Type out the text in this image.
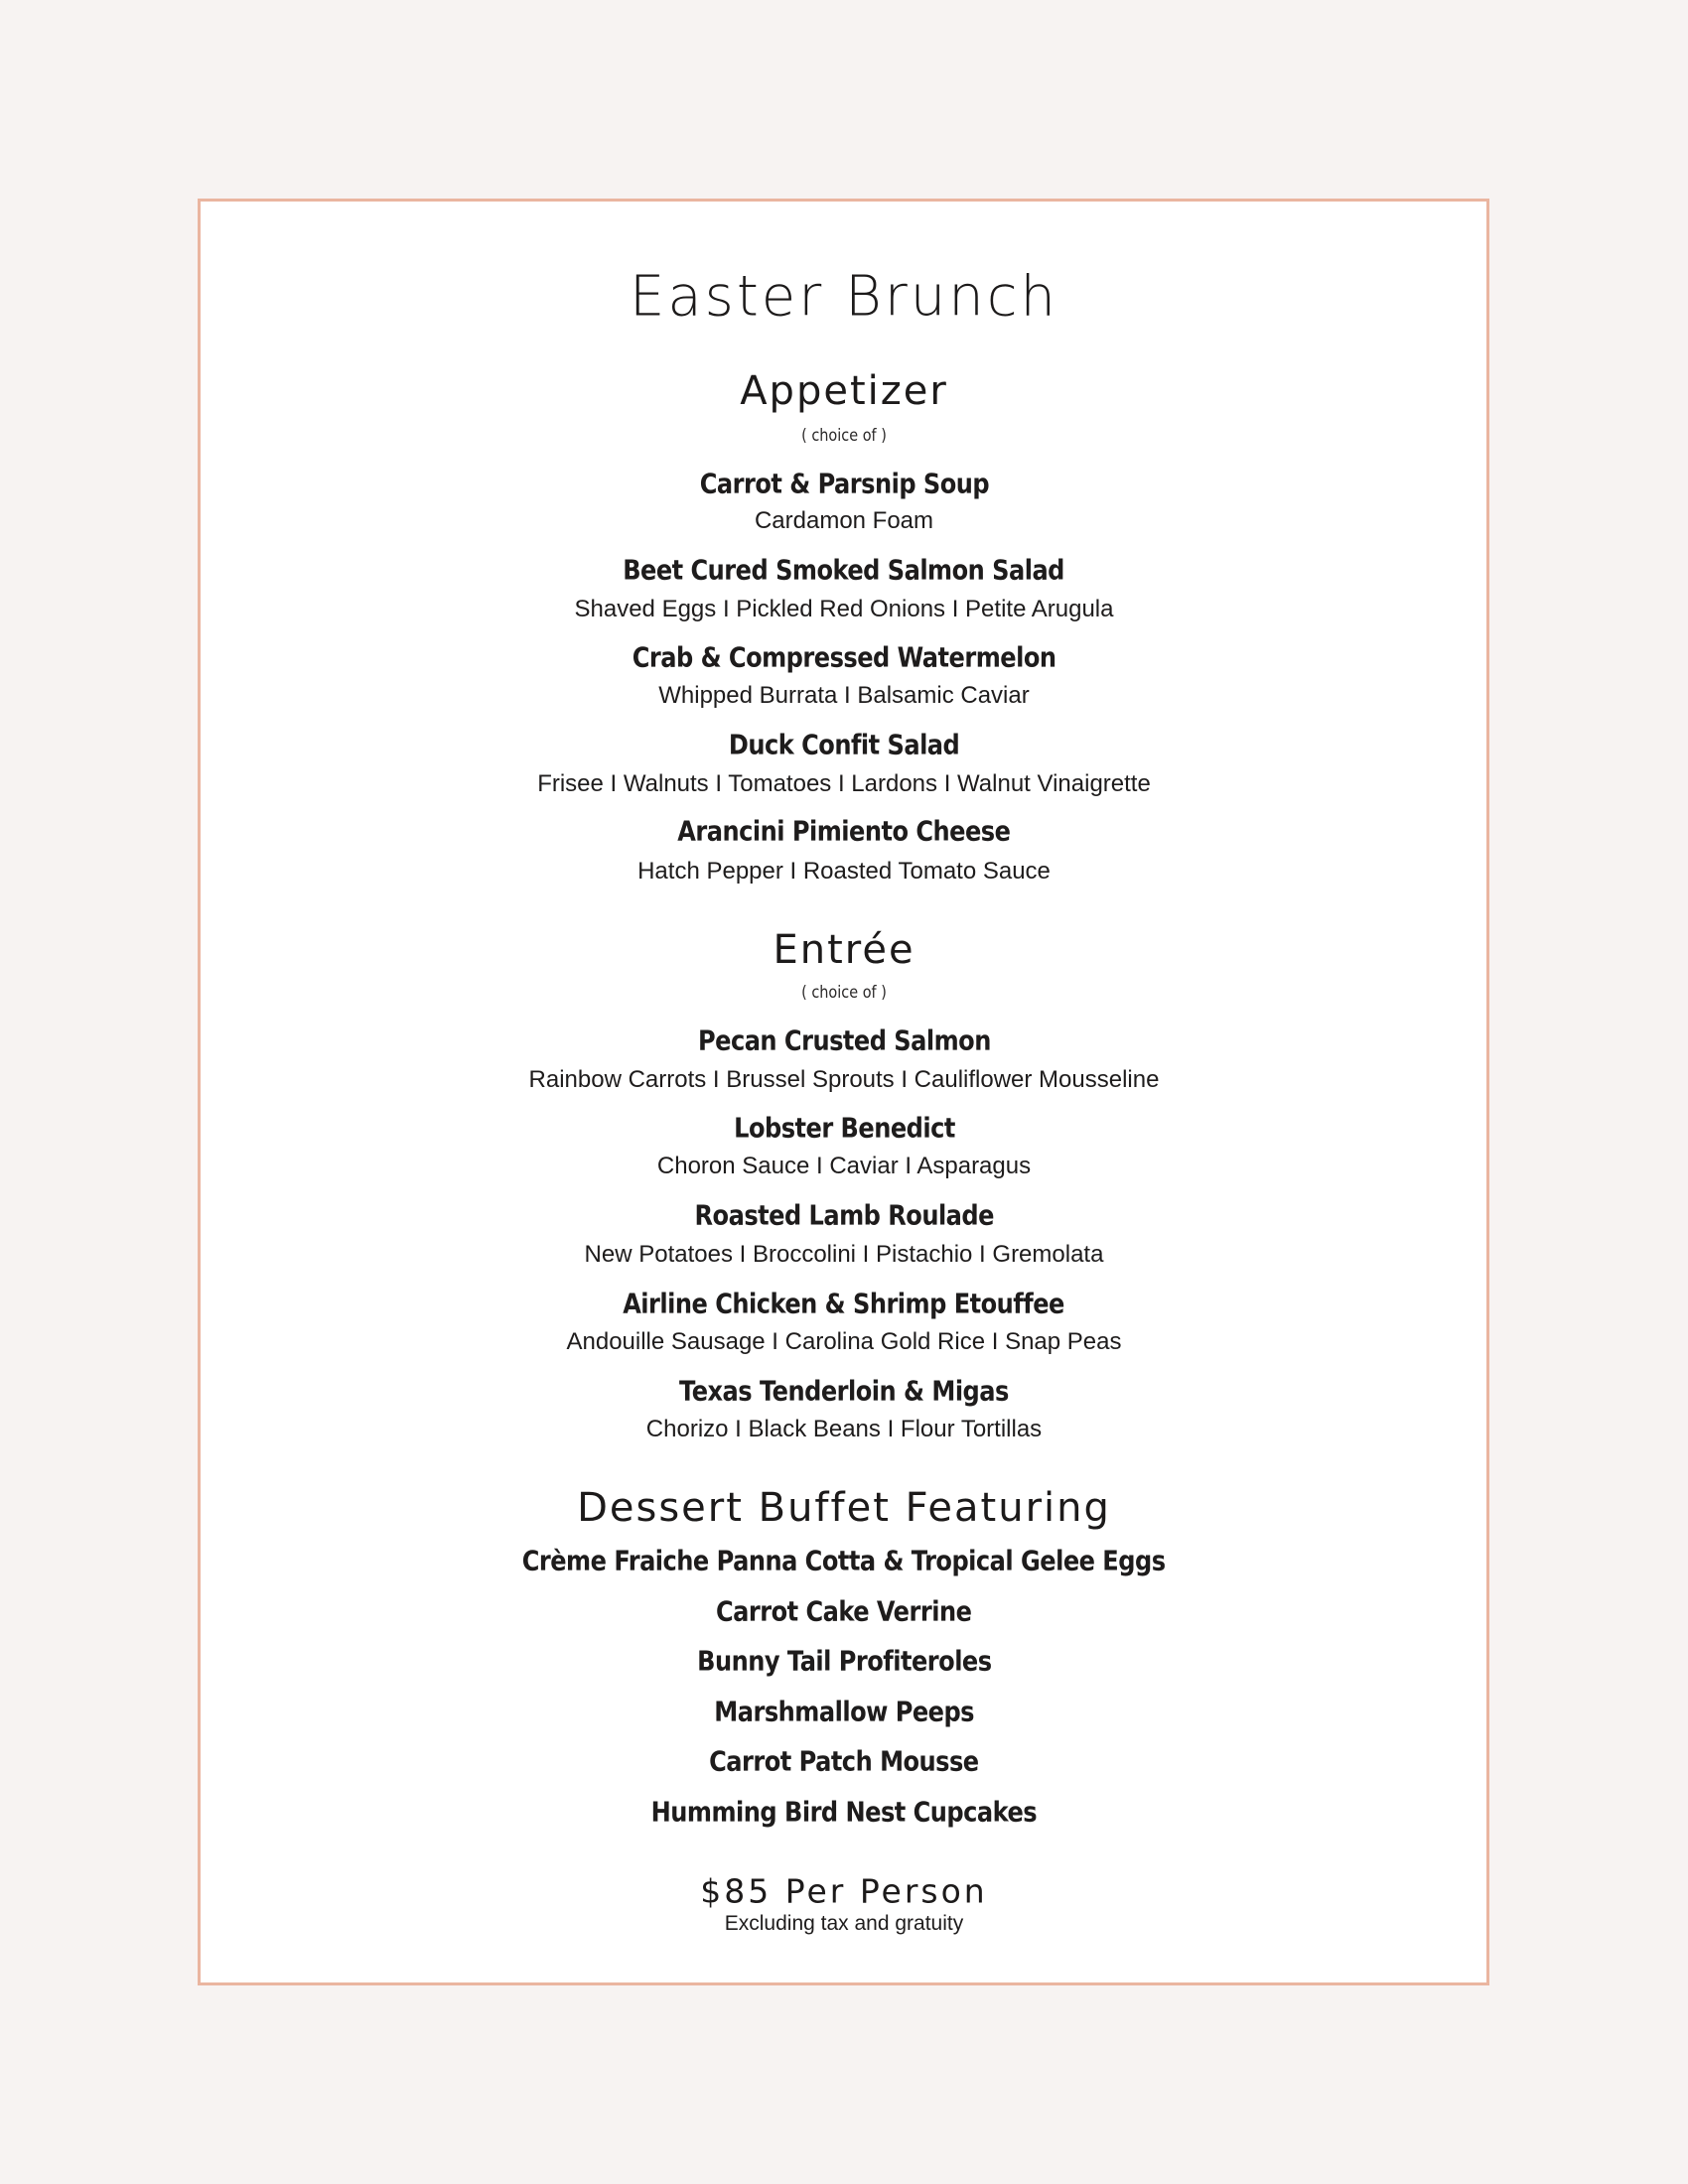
Easter Brunch
Appetizer
( choice of )
Carrot & Parsnip Soup
Cardamon Foam
Beet Cured Smoked Salmon Salad
Shaved Eggs I Pickled Red Onions I Petite Arugula
Crab & Compressed Watermelon
Whipped Burrata I Balsamic Caviar
Duck Confit Salad
Frisee I Walnuts I Tomatoes I Lardons I Walnut Vinaigrette
Arancini Pimiento Cheese
Hatch Pepper I Roasted Tomato Sauce
Entrée
( choice of )
Pecan Crusted Salmon
Rainbow Carrots I Brussel Sprouts I Cauliflower Mousseline
Lobster Benedict
Choron Sauce I Caviar I Asparagus
Roasted Lamb Roulade
New Potatoes I Broccolini I Pistachio I Gremolata
Airline Chicken & Shrimp Etouffee
Andouille Sausage I Carolina Gold Rice I Snap Peas
Texas Tenderloin & Migas
Chorizo I Black Beans I Flour Tortillas
Dessert Buffet Featuring
Crème Fraiche Panna Cotta & Tropical Gelee Eggs
Carrot Cake Verrine
Bunny Tail Profiteroles
Marshmallow Peeps
Carrot Patch Mousse
Humming Bird Nest Cupcakes
$85 Per Person
Excluding tax and gratuity
